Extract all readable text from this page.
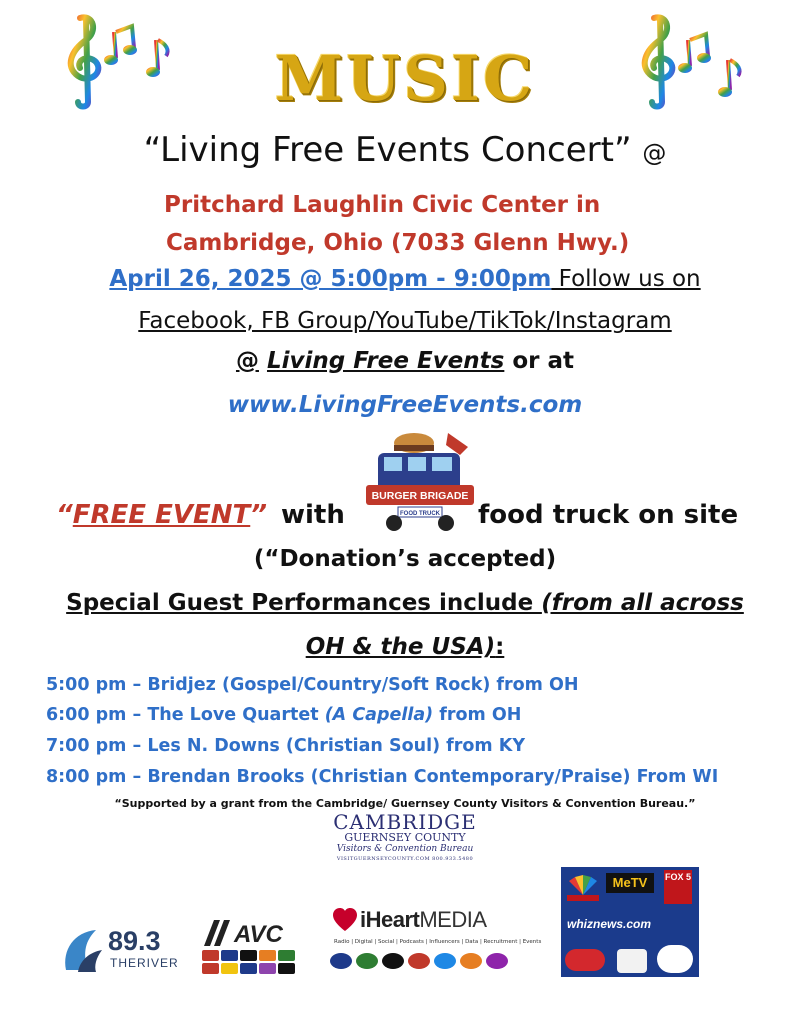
MUSIC
“Living Free Events Concert” @
Pritchard Laughlin Civic Center in
Cambridge, Ohio (7033 Glenn Hwy.)
April 26, 2025 @ 5:00pm - 9:00pm Follow us on
Facebook, FB Group/YouTube/TikTok/Instagram
@ Living Free Events or at
www.LivingFreeEvents.com
BURGER BRIGADE
FOOD TRUCK
“FREE EVENT” with	food truck on site
(“Donation’s accepted)
Special Guest Performances include (from all across
OH & the USA):
5:00 pm – Bridjez (Gospel/Country/Soft Rock) from OH
6:00 pm – The Love Quartet (A Capella) from OH
7:00 pm – Les N. Downs (Christian Soul) from KY
8:00 pm – Brendan Brooks (Christian Contemporary/Praise) From WI
“Supported by a grant from the Cambridge/ Guernsey County Visitors & Convention Bureau.”
CAMBRIDGE
GUERNSEY COUNTY
Visitors & Convention Bureau
VISITGUERNSEYCOUNTY.COM 800.933.5480
89.3
THERIVER
AVC
iHeartMEDIA
Radio | Digital | Social | Podcasts | Influencers | Data | Recruitment | Events
MeTV	FOX 5
whiznews.com
